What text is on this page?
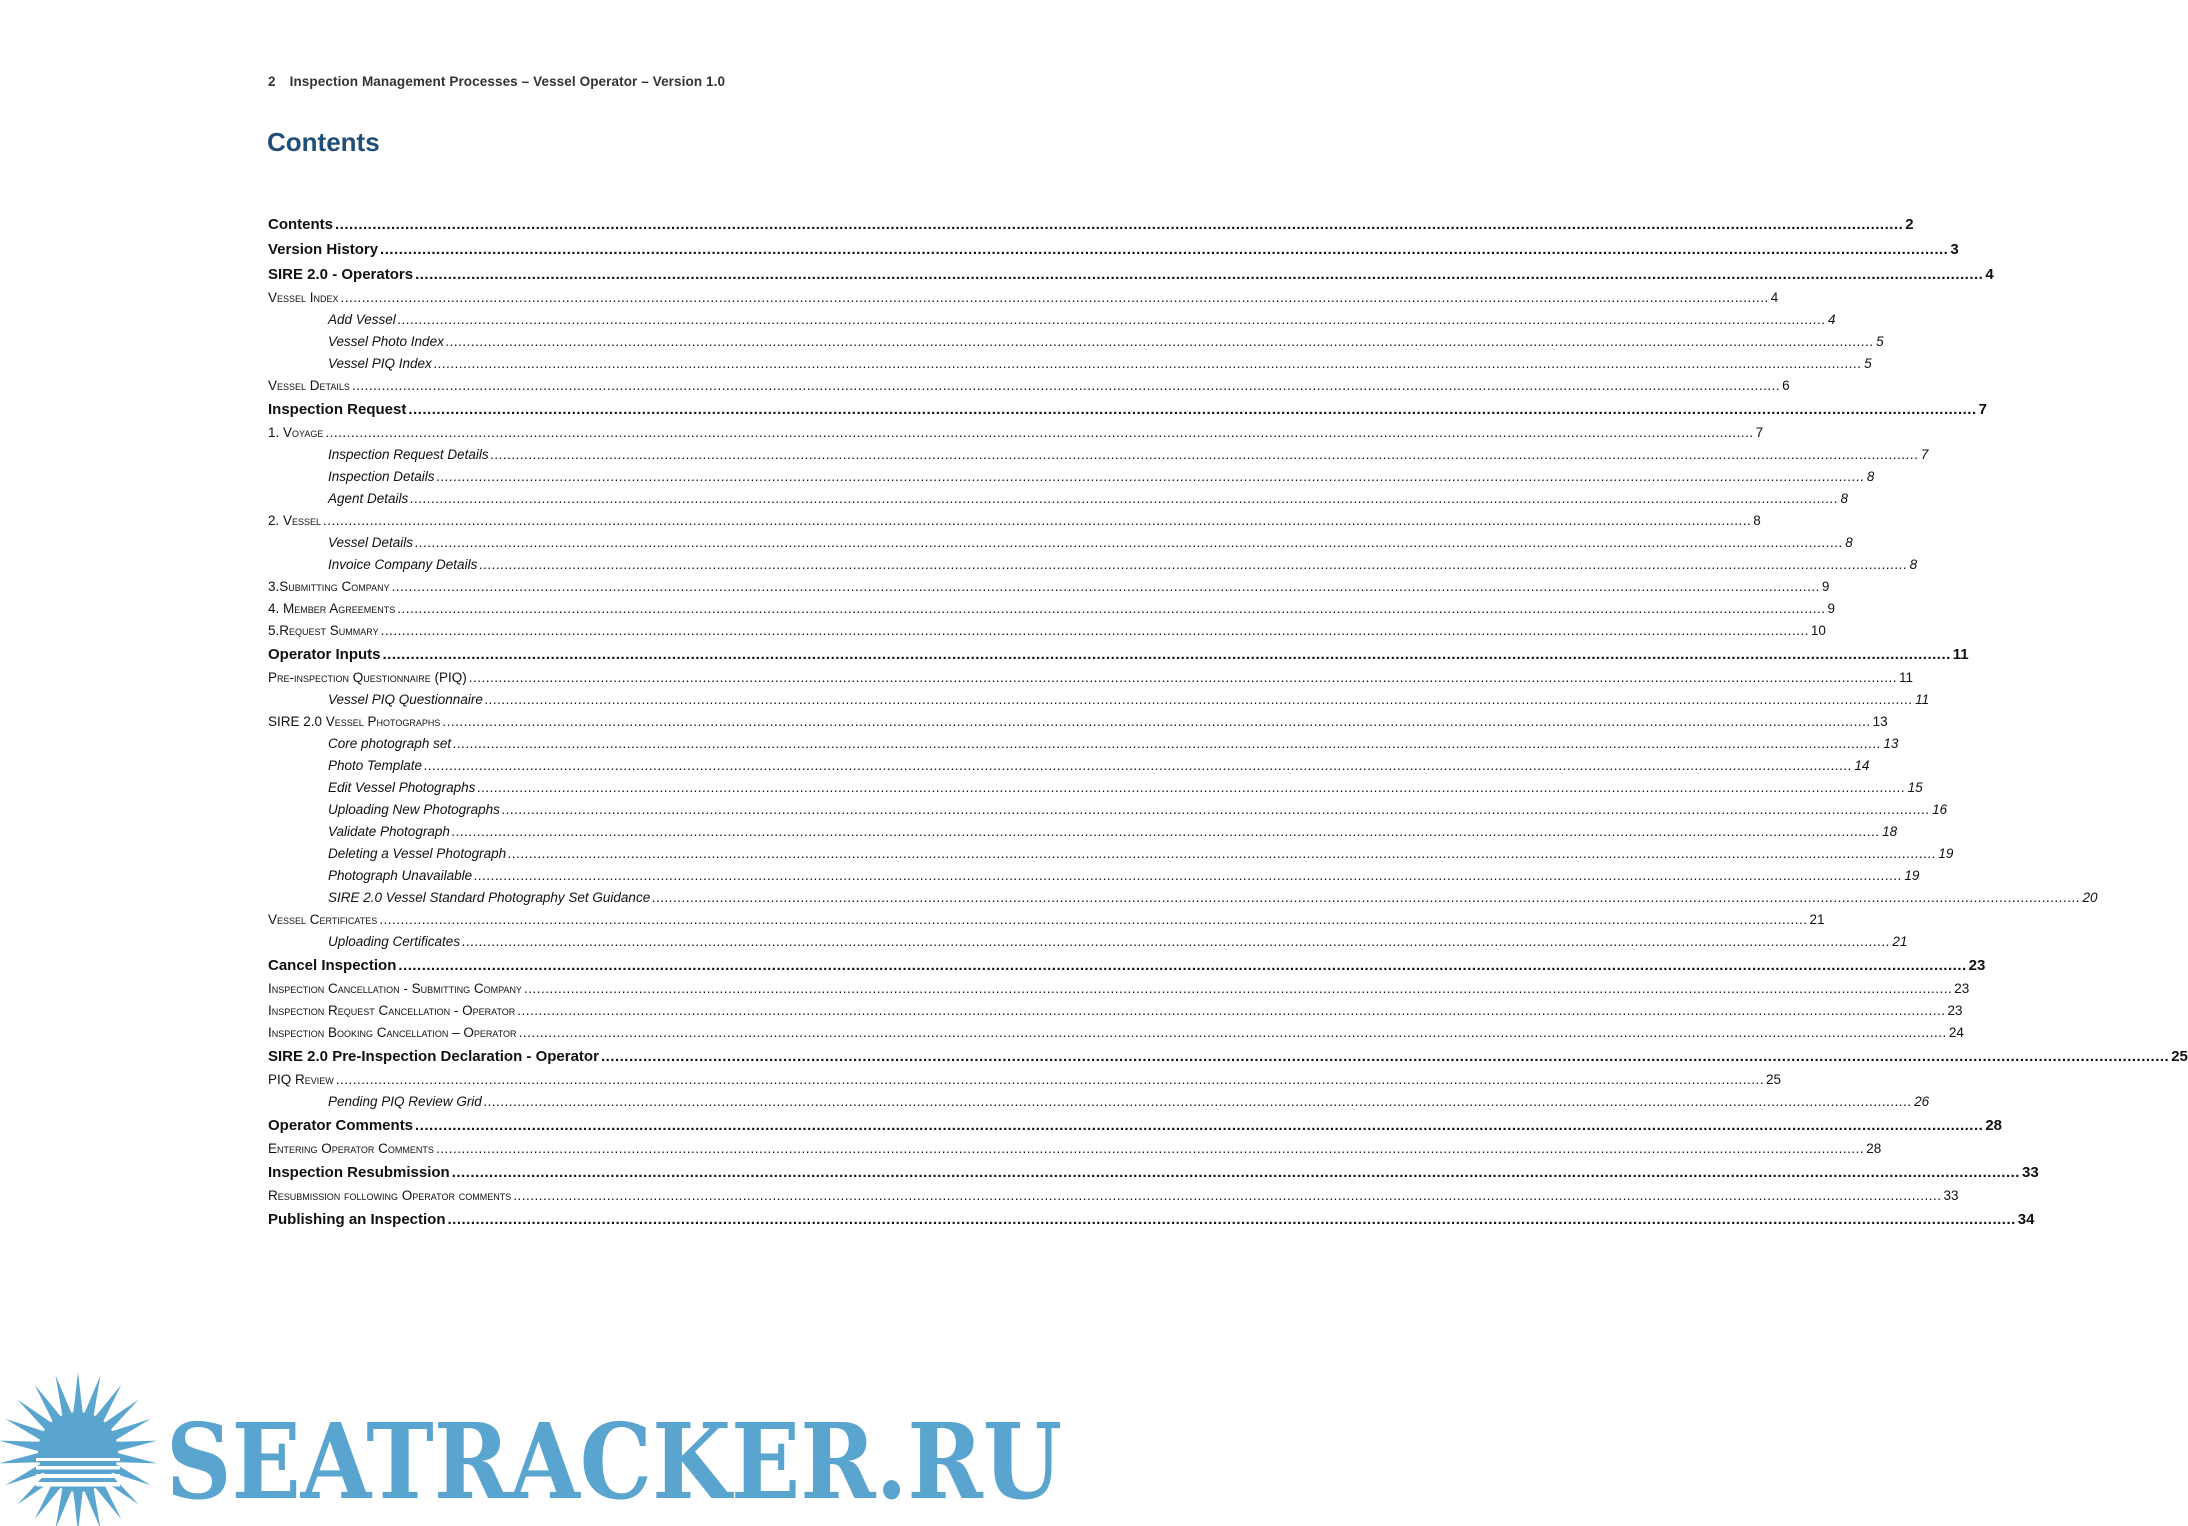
2 Inspection Management Processes – Vessel Operator – Version 1.0
Contents
Contents .....	2
Version History .....	3
SIRE 2.0 - Operators .....	4
Vessel Index .....	4
Add Vessel .....	4
Vessel Photo Index .....	5
Vessel PIQ Index .....	5
Vessel Details .....	6
Inspection Request .....	7
1. Voyage .....	7
Inspection Request Details .....	7
Inspection Details .....	8
Agent Details .....	8
2. Vessel .....	8
Vessel Details .....	8
Invoice Company Details .....	8
3.Submitting Company .....	9
4. Member Agreements .....	9
5.Request Summary .....	10
Operator Inputs .....	11
Pre-inspection Questionnaire (PIQ) .....	11
Vessel PIQ Questionnaire .....	11
SIRE 2.0 Vessel Photographs .....	13
Core photograph set .....	13
Photo Template .....	14
Edit Vessel Photographs .....	15
Uploading New Photographs .....	16
Validate Photograph .....	18
Deleting a Vessel Photograph .....	19
Photograph Unavailable .....	19
SIRE 2.0 Vessel Standard Photography Set Guidance .....	20
Vessel Certificates .....	21
Uploading Certificates .....	21
Cancel Inspection .....	23
Inspection Cancellation - Submitting Company .....	23
Inspection Request Cancellation - Operator .....	23
Inspection Booking Cancellation – Operator .....	24
SIRE 2.0 Pre-Inspection Declaration - Operator .....	25
PIQ Review .....	25
Pending PIQ Review Grid .....	26
Operator Comments .....	28
Entering Operator Comments .....	28
Inspection Resubmission .....	33
Resubmission following Operator comments .....	33
Publishing an Inspection .....	34
SEATRACKER.RU
